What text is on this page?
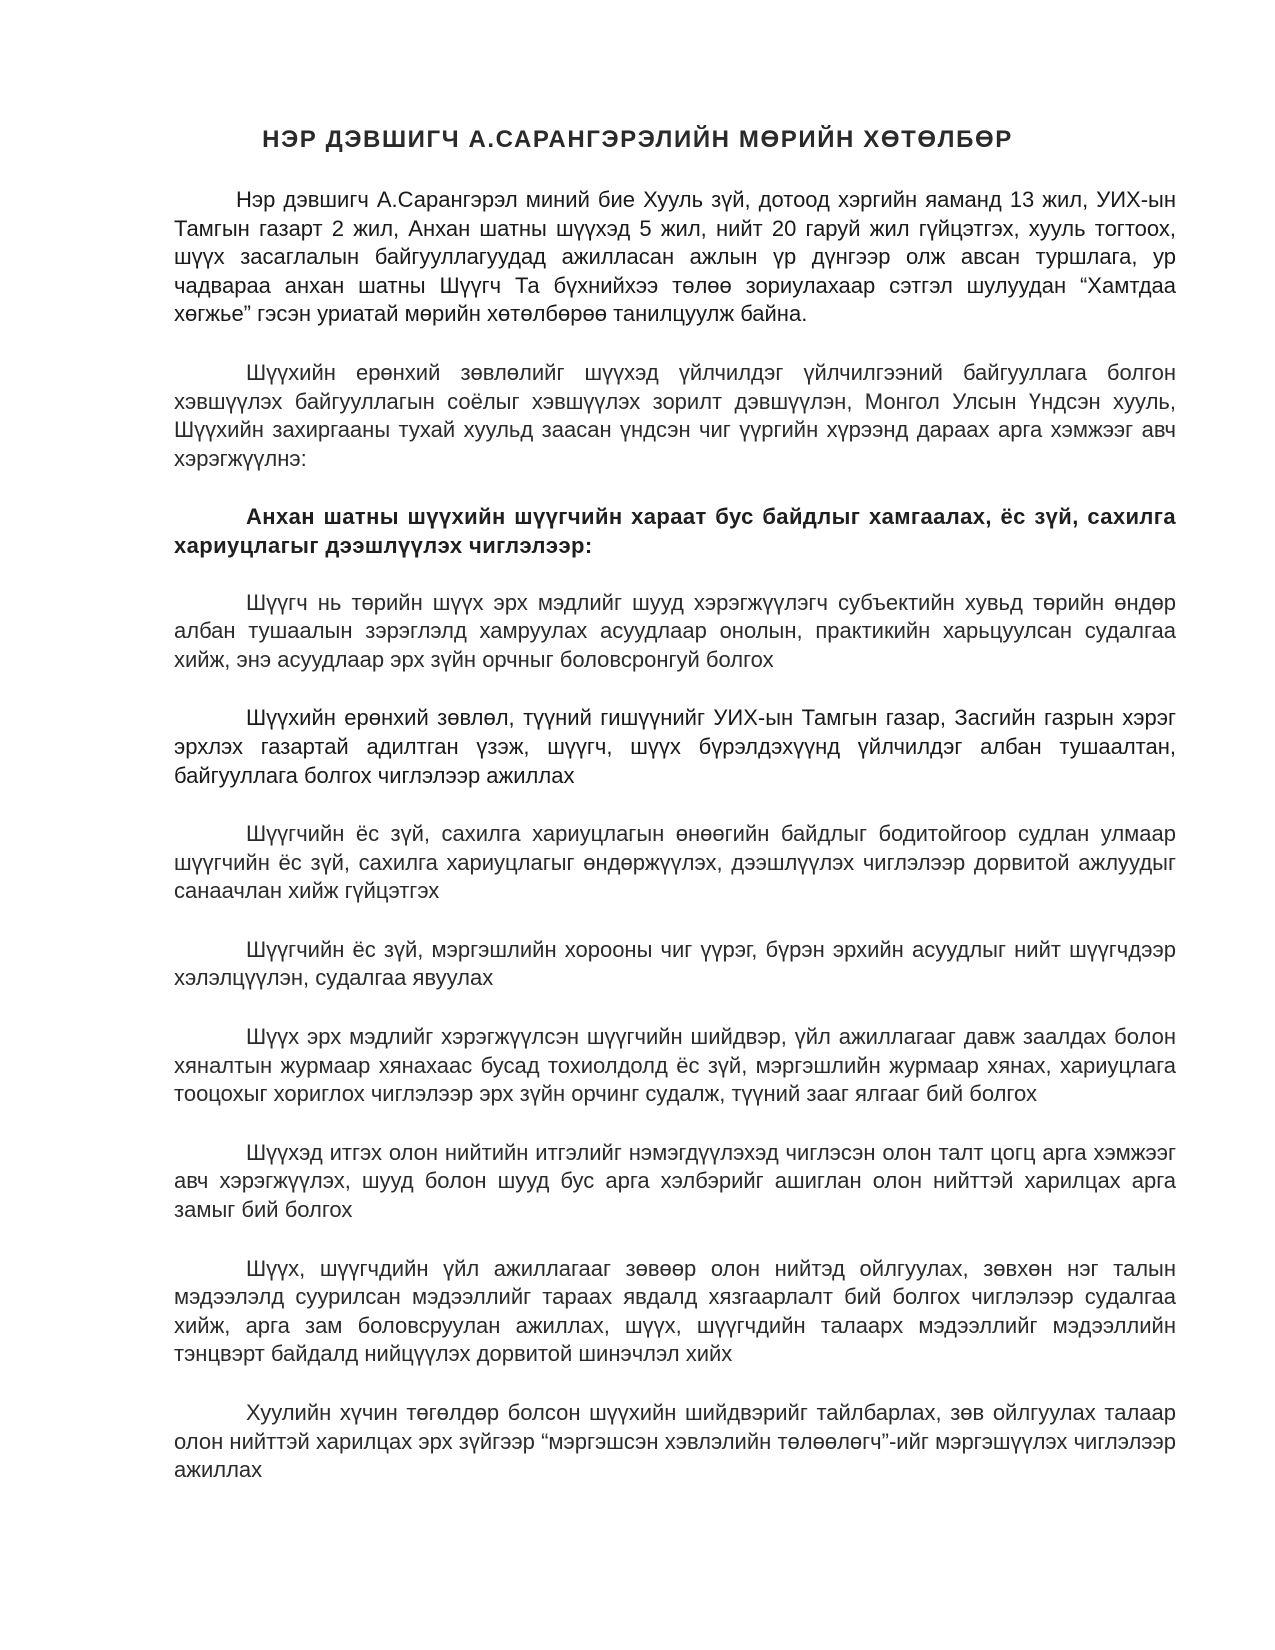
НЭР ДЭВШИГЧ А.САРАНГЭРЭЛИЙН МӨРИЙН ХӨТӨЛБӨР

Нэр дэвшигч А.Сарангэрэл миний бие Хууль зүй, дотоод хэргийн яаманд 13 жил, УИХ-ын Тамгын газарт 2 жил, Анхан шатны шүүхэд 5 жил, нийт 20 гаруй жил гүйцэтгэх, хууль тогтоох, шүүх засаглалын байгууллагуудад ажилласан ажлын үр дүнгээр олж авсан туршлага, ур чадвараа анхан шатны Шүүгч Та бүхнийхээ төлөө зориулахаар сэтгэл шулуудан “Хамтдаа хөгжье” гэсэн уриатай мөрийн хөтөлбөрөө танилцуулж байна.

Шүүхийн ерөнхий зөвлөлийг шүүхэд үйлчилдэг үйлчилгээний байгууллага болгон хэвшүүлэх байгууллагын соёлыг хэвшүүлэх зорилт дэвшүүлэн, Монгол Улсын Үндсэн хууль, Шүүхийн захиргааны тухай хуульд заасан үндсэн чиг үүргийн хүрээнд дараах арга хэмжээг авч хэрэгжүүлнэ:

Анхан шатны шүүхийн шүүгчийн хараат бус байдлыг хамгаалах, ёс зүй, сахилга хариуцлагыг дээшлүүлэх чиглэлээр:

Шүүгч нь төрийн шүүх эрх мэдлийг шууд хэрэгжүүлэгч субъектийн хувьд төрийн өндөр албан тушаалын зэрэглэлд хамруулах асуудлаар онолын, практикийн харьцуулсан судалгаа хийж, энэ асуудлаар эрх зүйн орчныг боловсронгуй болгох

Шүүхийн ерөнхий зөвлөл, түүний гишүүнийг УИХ-ын Тамгын газар, Засгийн газрын хэрэг эрхлэх газартай адилтган үзэж, шүүгч, шүүх бүрэлдэхүүнд үйлчилдэг албан тушаалтан, байгууллага болгох чиглэлээр ажиллах

Шүүгчийн ёс зүй, сахилга хариуцлагын өнөөгийн байдлыг бодитойгоор судлан улмаар шүүгчийн ёс зүй, сахилга хариуцлагыг өндөржүүлэх, дээшлүүлэх чиглэлээр дорвитой ажлуудыг санаачлан хийж гүйцэтгэх

Шүүгчийн ёс зүй, мэргэшлийн хорооны чиг үүрэг, бүрэн эрхийн асуудлыг нийт шүүгчдээр хэлэлцүүлэн, судалгаа явуулах

Шүүх эрх мэдлийг хэрэгжүүлсэн шүүгчийн шийдвэр, үйл ажиллагааг давж заалдах болон хяналтын журмаар хянахаас бусад тохиолдолд ёс зүй, мэргэшлийн журмаар хянах, хариуцлага тооцохыг хориглох чиглэлээр эрх зүйн орчинг судалж, түүний зааг ялгааг бий болгох

Шүүхэд итгэх олон нийтийн итгэлийг нэмэгдүүлэхэд чиглэсэн олон талт цогц арга хэмжээг авч хэрэгжүүлэх, шууд болон шууд бус арга хэлбэрийг ашиглан олон нийттэй харилцах арга замыг бий болгох

Шүүх, шүүгчдийн үйл ажиллагааг зөвөөр олон нийтэд ойлгуулах, зөвхөн нэг талын мэдээлэлд суурилсан мэдээллийг тараах явдалд хязгаарлалт бий болгох чиглэлээр судалгаа хийж, арга зам боловсруулан ажиллах, шүүх, шүүгчдийн талаарх мэдээллийг мэдээллийн тэнцвэрт байдалд нийцүүлэх дорвитой шинэчлэл хийх

Хуулийн хүчин төгөлдөр болсон шүүхийн шийдвэрийг тайлбарлах, зөв ойлгуулах талаар олон нийттэй харилцах эрх зүйгээр “мэргэшсэн хэвлэлийн төлөөлөгч”-ийг мэргэшүүлэх чиглэлээр ажиллах
